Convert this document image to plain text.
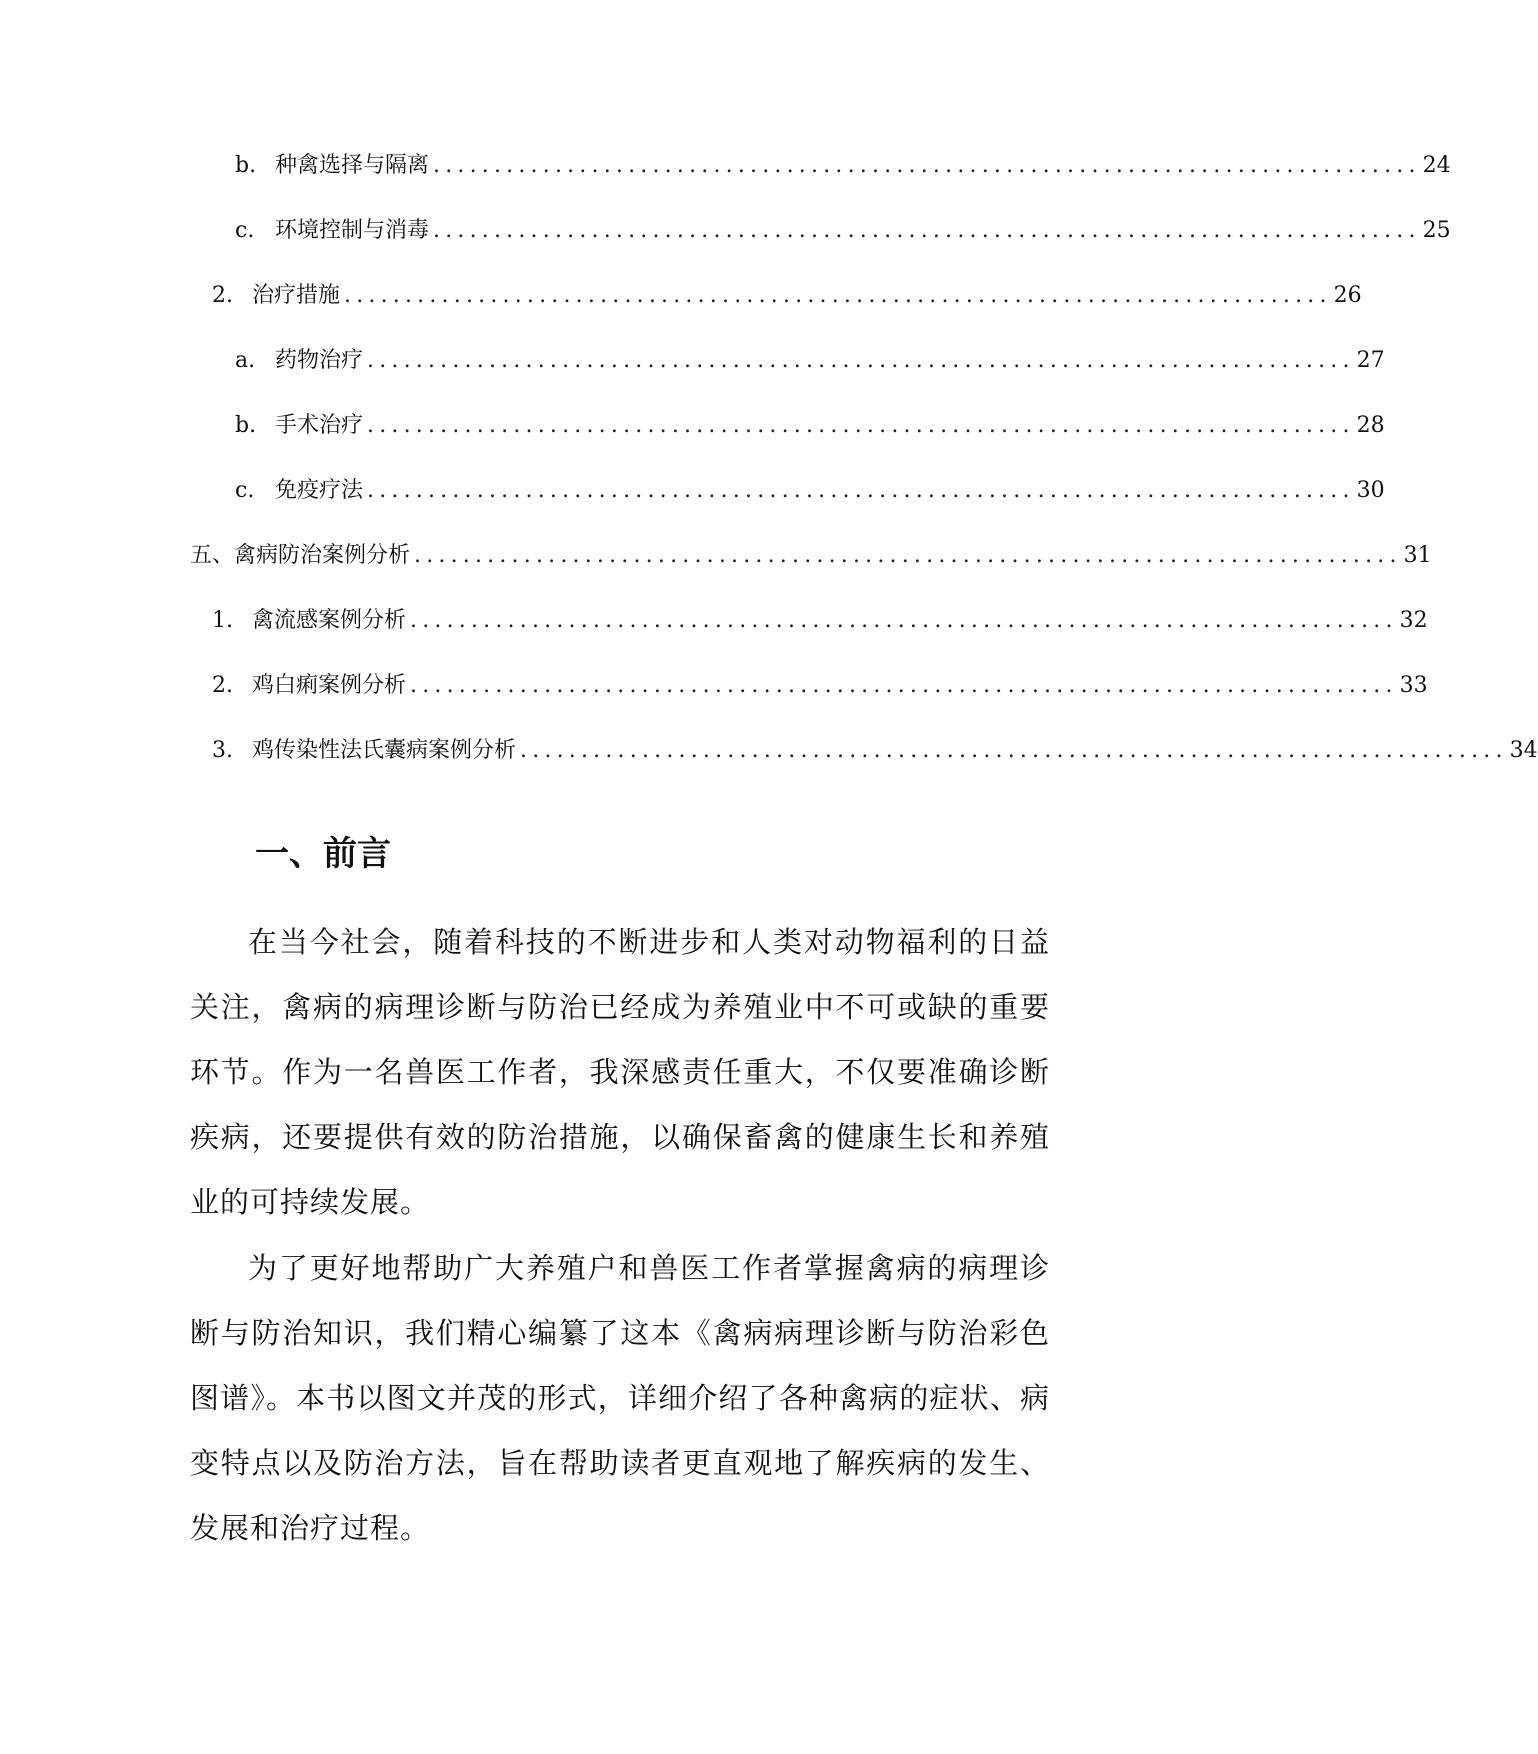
b. 种禽选择与隔离 ................................................................................. 24
c. 环境控制与消毒 ................................................................................. 25
2. 治疗措施 ................................................................................. 26
a. 药物治疗 ................................................................................. 27
b. 手术治疗 ................................................................................. 28
c. 免疫疗法 ................................................................................. 30
五、禽病防治案例分析 ................................................................................. 31
1. 禽流感案例分析 ................................................................................. 32
2. 鸡白痢案例分析 ................................................................................. 33
3. 鸡传染性法氏囊病案例分析 ................................................................................. 34
一、前言

在当今社会，随着科技的不断进步和人类对动物福利的日益关注，禽病的病理诊断与防治已经成为养殖业中不可或缺的重要环节。作为一名兽医工作者，我深感责任重大，不仅要准确诊断疾病，还要提供有效的防治措施，以确保畜禽的健康生长和养殖业的可持续发展。

为了更好地帮助广大养殖户和兽医工作者掌握禽病的病理诊断与防治知识，我们精心编纂了这本《禽病病理诊断与防治彩色图谱》。本书以图文并茂的形式，详细介绍了各种禽病的症状、病变特点以及防治方法，旨在帮助读者更直观地了解疾病的发生、发展和治疗过程。
